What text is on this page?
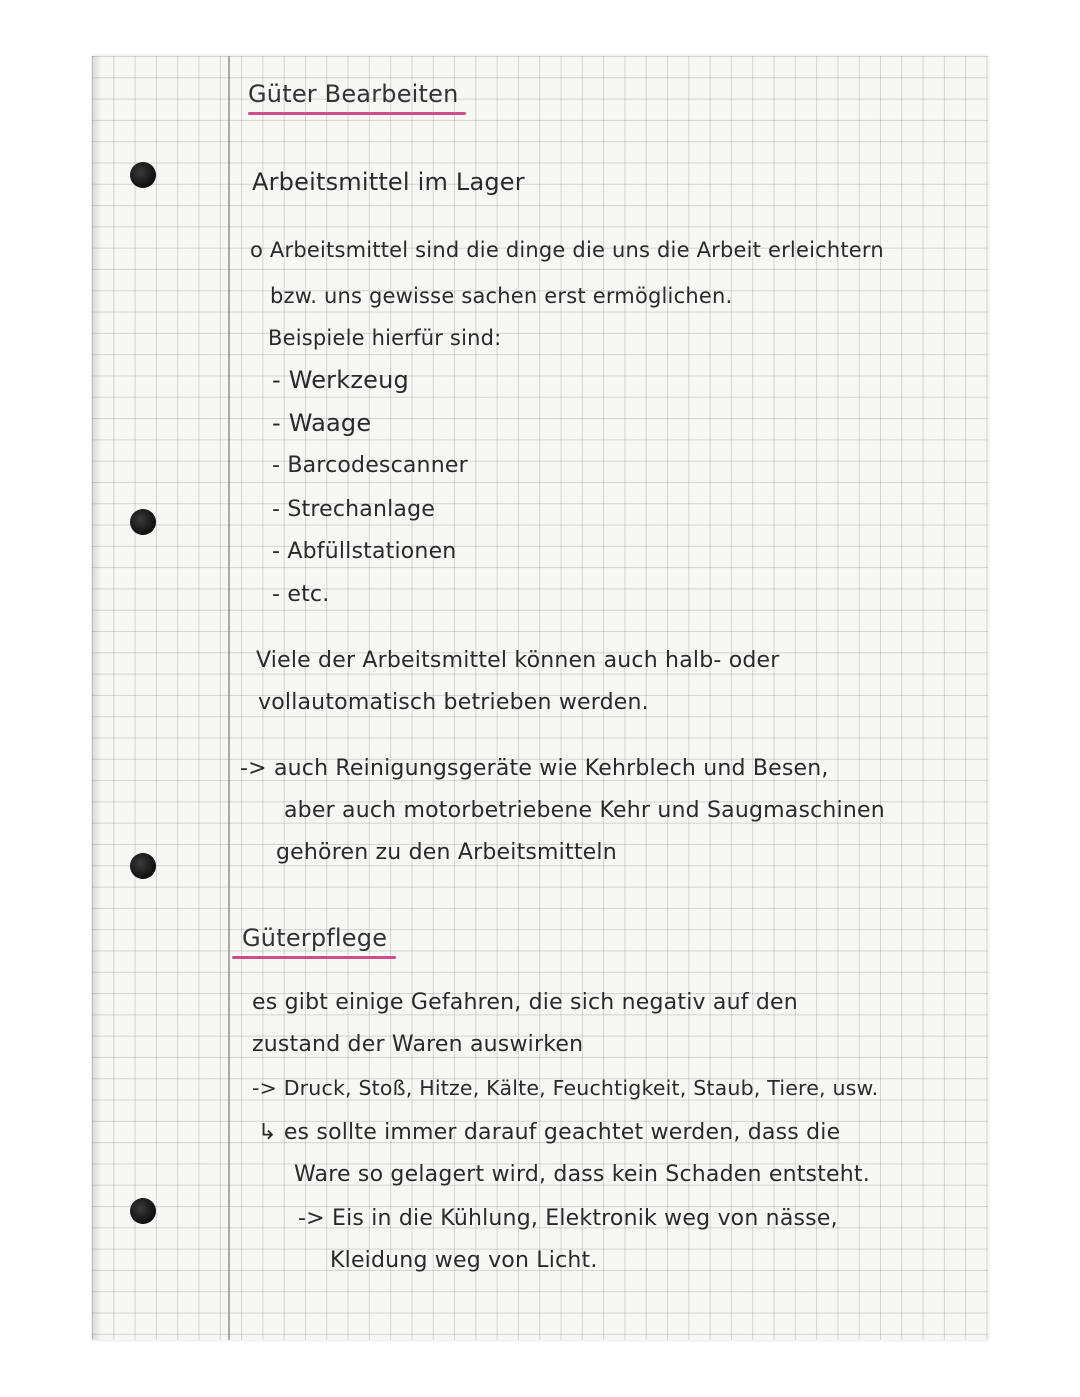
Güter Bearbeiten

Arbeitsmittel im Lager

o Arbeitsmittel sind die dinge die uns die Arbeit erleichtern

bzw. uns gewisse sachen erst ermöglichen.

Beispiele hierfür sind:

- Werkzeug

- Waage

- Barcodescanner

- Strechanlage

- Abfüllstationen

- etc.

Viele der Arbeitsmittel können auch halb- oder

vollautomatisch betrieben werden.

-> auch Reinigungsgeräte wie Kehrblech und Besen,

aber auch motorbetriebene Kehr und Saugmaschinen

gehören zu den Arbeitsmitteln

Güterpflege

es gibt einige Gefahren, die sich negativ auf den

zustand der Waren auswirken

-> Druck, Stoß, Hitze, Kälte, Feuchtigkeit, Staub, Tiere, usw.

↳ es sollte immer darauf geachtet werden, dass die

Ware so gelagert wird, dass kein Schaden entsteht.

-> Eis in die Kühlung, Elektronik weg von nässe,

Kleidung weg von Licht.
